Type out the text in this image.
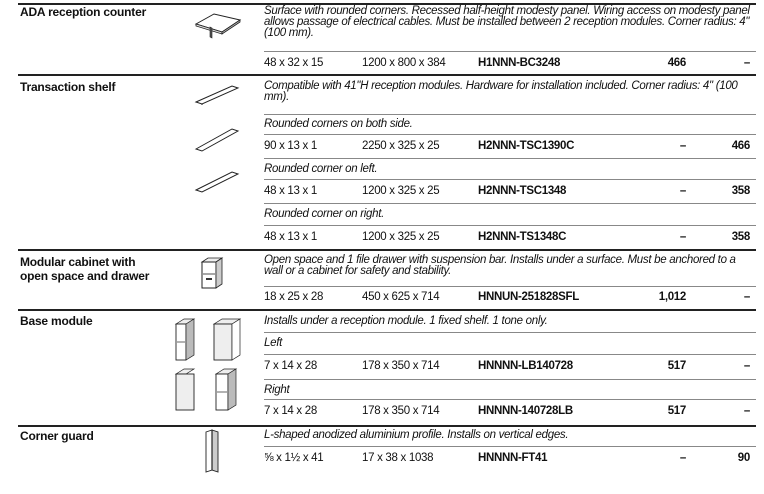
ADA reception counter	Surface with rounded corners. Recessed half-height modesty panel. Wiring access on modesty panel allows passage of electrical cables. Must be installed between 2 reception modules. Corner radius: 4" (100 mm).
48 x 32 x 15	1200 x 800 x 384	H1NNN-BC3248	466	–
Transaction shelf	Compatible with 41"H reception modules. Hardware for installation included. Corner radius: 4" (100 mm).
Rounded corners on both side.
90 x 13 x 1	2250 x 325 x 25	H2NNN-TSC1390C	–	466
Rounded corner on left.
48 x 13 x 1	1200 x 325 x 25	H2NNN-TSC1348	–	358
Rounded corner on right.
48 x 13 x 1	1200 x 325 x 25	H2NNN-TS1348C	–	358
Modular cabinet with
open space and drawer
Open space and 1 file drawer with suspension bar. Installs under a surface. Must be anchored to a wall or a cabinet for safety and stability.
18 x 25 x 28	450 x 625 x 714	HNNUN-251828SFL	1,012	–
Base module	Installs under a reception module. 1 fixed shelf. 1 tone only.
Left
7 x 14 x 28	178 x 350 x 714	HNNNN-LB140728	517	–
Right
7 x 14 x 28	178 x 350 x 714	HNNNN-140728LB	517	–
Corner guard	L-shaped anodized aluminium profile. Installs on vertical edges.
⅝ x 1½ x 41	17 x 38 x 1038	HNNNN-FT41	–	90
